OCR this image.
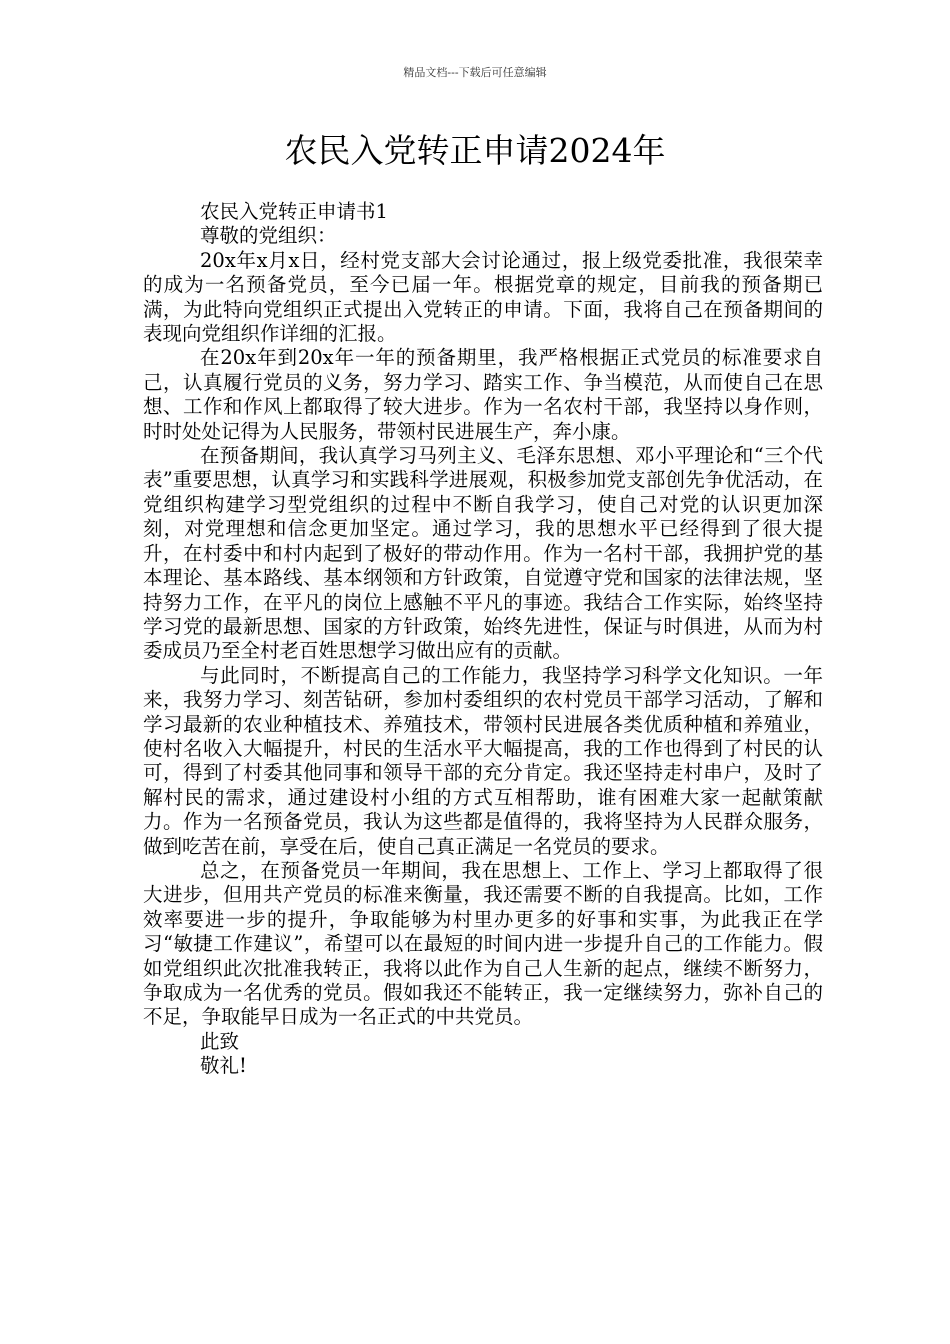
精品文档---下载后可任意编辑
农民入党转正申请2024年

农民入党转正申请书1

尊敬的党组织：

20x年x月x日，经村党支部大会讨论通过，报上级党委批准，我很荣幸的成为一名预备党员，至今已届一年。根据党章的规定，目前我的预备期已满，为此特向党组织正式提出入党转正的申请。下面，我将自己在预备期间的表现向党组织作详细的汇报。

在20x年到20x年一年的预备期里，我严格根据正式党员的标准要求自己，认真履行党员的义务，努力学习、踏实工作、争当模范，从而使自己在思想、工作和作风上都取得了较大进步。作为一名农村干部，我坚持以身作则，时时处处记得为人民服务，带领村民进展生产，奔小康。

在预备期间，我认真学习马列主义、毛泽东思想、邓小平理论和“三个代表”重要思想，认真学习和实践科学进展观，积极参加党支部创先争优活动，在党组织构建学习型党组织的过程中不断自我学习，使自己对党的认识更加深刻，对党理想和信念更加坚定。通过学习，我的思想水平已经得到了很大提升，在村委中和村内起到了极好的带动作用。作为一名村干部，我拥护党的基本理论、基本路线、基本纲领和方针政策，自觉遵守党和国家的法律法规，坚持努力工作，在平凡的岗位上感触不平凡的事迹。我结合工作实际，始终坚持学习党的最新思想、国家的方针政策，始终先进性，保证与时俱进，从而为村委成员乃至全村老百姓思想学习做出应有的贡献。

与此同时，不断提高自己的工作能力，我坚持学习科学文化知识。一年来，我努力学习、刻苦钻研，参加村委组织的农村党员干部学习活动，了解和学习最新的农业种植技术、养殖技术，带领村民进展各类优质种植和养殖业，使村名收入大幅提升，村民的生活水平大幅提高，我的工作也得到了村民的认可，得到了村委其他同事和领导干部的充分肯定。我还坚持走村串户，及时了解村民的需求，通过建设村小组的方式互相帮助，谁有困难大家一起献策献力。作为一名预备党员，我认为这些都是值得的，我将坚持为人民群众服务，做到吃苦在前，享受在后，使自己真正满足一名党员的要求。

总之，在预备党员一年期间，我在思想上、工作上、学习上都取得了很大进步，但用共产党员的标准来衡量，我还需要不断的自我提高。比如，工作效率要进一步的提升，争取能够为村里办更多的好事和实事，为此我正在学习“敏捷工作建议”，希望可以在最短的时间内进一步提升自己的工作能力。假如党组织此次批准我转正，我将以此作为自己人生新的起点，继续不断努力，争取成为一名优秀的党员。假如我还不能转正，我一定继续努力，弥补自己的不足，争取能早日成为一名正式的中共党员。

此致

敬礼!
